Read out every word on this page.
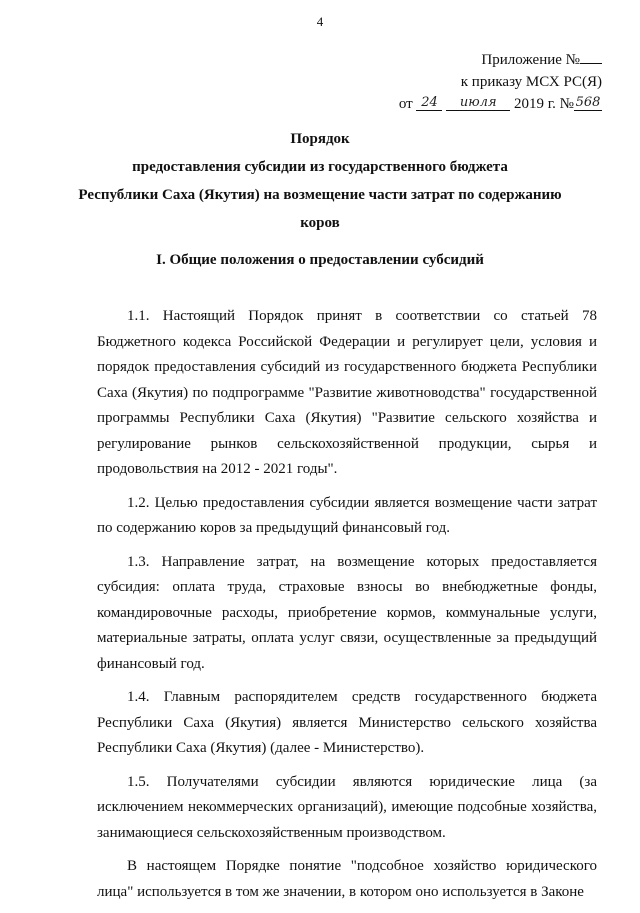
4
Приложение №
к приказу МСХ РС(Я)
от 24 июля 2019 г. № 568
Порядок
предоставления субсидии из государственного бюджета
Республики Саха (Якутия) на возмещение части затрат по содержанию
коров
I. Общие положения о предоставлении субсидий

1.1. Настоящий Порядок принят в соответствии со статьей 78 Бюджетного кодекса Российской Федерации и регулирует цели, условия и порядок предоставления субсидий из государственного бюджета Республики Саха (Якутия) по подпрограмме "Развитие животноводства" государственной программы Республики Саха (Якутия) "Развитие сельского хозяйства и регулирование рынков сельскохозяйственной продукции, сырья и продовольствия на 2012 - 2021 годы".

1.2. Целью предоставления субсидии является возмещение части затрат по содержанию коров за предыдущий финансовый год.

1.3. Направление затрат, на возмещение которых предоставляется субсидия: оплата труда, страховые взносы во внебюджетные фонды, командировочные расходы, приобретение кормов, коммунальные услуги, материальные затраты, оплата услуг связи, осуществленные за предыдущий финансовый год.

1.4. Главным распорядителем средств государственного бюджета Республики Саха (Якутия) является Министерство сельского хозяйства Республики Саха (Якутия) (далее - Министерство).

1.5. Получателями субсидии являются юридические лица (за исключением некоммерческих организаций), имеющие подсобные хозяйства, занимающиеся сельскохозяйственным производством.

В настоящем Порядке понятие "подсобное хозяйство юридического лица" используется в том же значении, в котором оно используется в Законе
